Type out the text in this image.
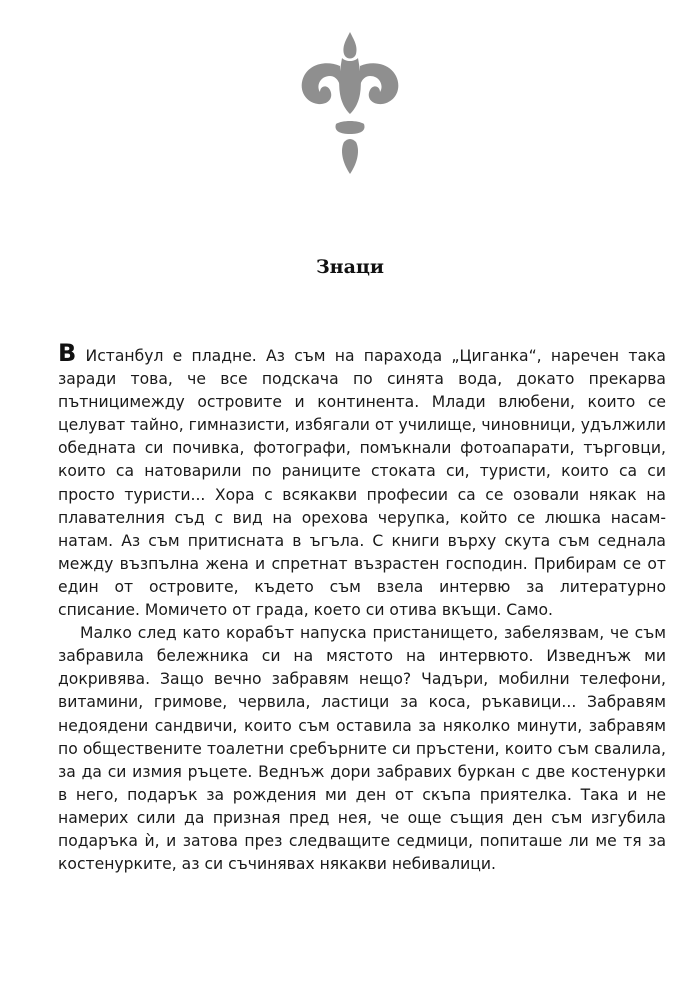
Знаци

В Истанбул е пладне. Аз съм на парахода „Циганка“, наречен така заради това, че все подскача по синята вода, докато прекарва пътницимежду островите и континента. Млади влюбени, които се целуват тайно, гимназисти, избягали от училище, чиновници, удължили обедната си почивка, фотографи, помъкнали фотоапарати, търговци, които са натоварили по раниците стоката си, туристи, които са си просто туристи... Хора с всякакви професии са се озовали някак на плавателния съд с вид на орехова черупка, който се люшка насам-натам. Аз съм притисната в ъгъла. С книги върху скута съм седнала между възпълна жена и спретнат възрастен господин. Прибирам се от един от островите, където съм взела интервю за литературно списание. Момичето от града, което си отива вкъщи. Само.

Малко след като корабът напуска пристанището, забелязвам, че съм забравила бележника си на мястото на интервюто. Изведнъж ми докривява. Защо вечно забравям нещо? Чадъри, мобилни телефони, витамини, гримове, червила, ластици за коса, ръкавици... Забравям недоядени сандвичи, които съм оставила за няколко минути, забравям по обществените тоалетни сребърните си пръстени, които съм свалила, за да си измия ръцете. Веднъж дори забравих буркан с две костенурки в него, подарък за рождения ми ден от скъпа приятелка. Така и не намерих сили да призная пред нея, че още същия ден съм изгубила подаръка ѝ, и затова през следващите седмици, попиташе ли ме тя за костенурките, аз си съчинявах някакви небивалици.
